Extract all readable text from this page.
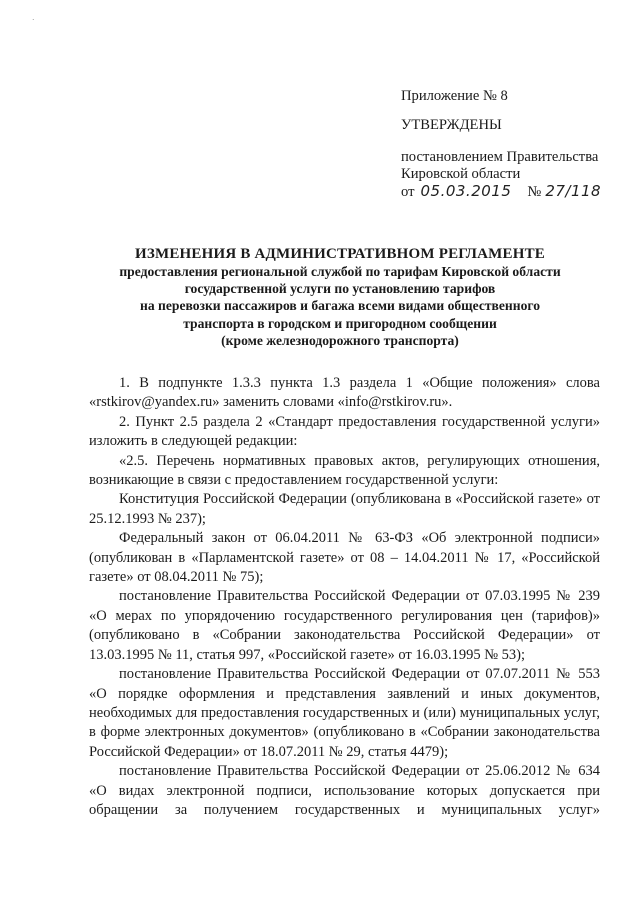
.
Приложение № 8
УТВЕРЖДЕНЫ
постановлением Правительства
Кировской области
от 05.03.2015 № 27/118
ИЗМЕНЕНИЯ В АДМИНИСТРАТИВНОМ РЕГЛАМЕНТЕ
предоставления региональной службой по тарифам Кировской области
государственной услуги по установлению тарифов
на перевозки пассажиров и багажа всеми видами общественного
транспорта в городском и пригородном сообщении
(кроме железнодорожного транспорта)

1. В подпункте 1.3.3 пункта 1.3 раздела 1 «Общие положения» слова «rstkirov@yandex.ru» заменить словами «info@rstkirov.ru».

2. Пункт 2.5 раздела 2 «Стандарт предоставления государственной услуги» изложить в следующей редакции:

«2.5. Перечень нормативных правовых актов, регулирующих отношения, возникающие в связи с предоставлением государственной услуги:

Конституция Российской Федерации (опубликована в «Российской газете» от 25.12.1993 № 237);

Федеральный закон от 06.04.2011 № 63-ФЗ «Об электронной подписи» (опубликован в «Парламентской газете» от 08 – 14.04.2011 № 17, «Российской газете» от 08.04.2011 № 75);

постановление Правительства Российской Федерации от 07.03.1995 № 239 «О мерах по упорядочению государственного регулирования цен (тарифов)» (опубликовано в «Собрании законодательства Российской Федерации» от 13.03.1995 № 11, статья 997, «Российской газете» от 16.03.1995 № 53);

постановление Правительства Российской Федерации от 07.07.2011 № 553 «О порядке оформления и представления заявлений и иных документов, необходимых для предоставления государственных и (или) муниципальных услуг, в форме электронных документов» (опубликовано в «Собрании законодательства Российской Федерации» от 18.07.2011 № 29, статья 4479);

постановление Правительства Российской Федерации от 25.06.2012 № 634 «О видах электронной подписи, использование которых допускается при обращении за получением государственных и муниципальных услуг»
